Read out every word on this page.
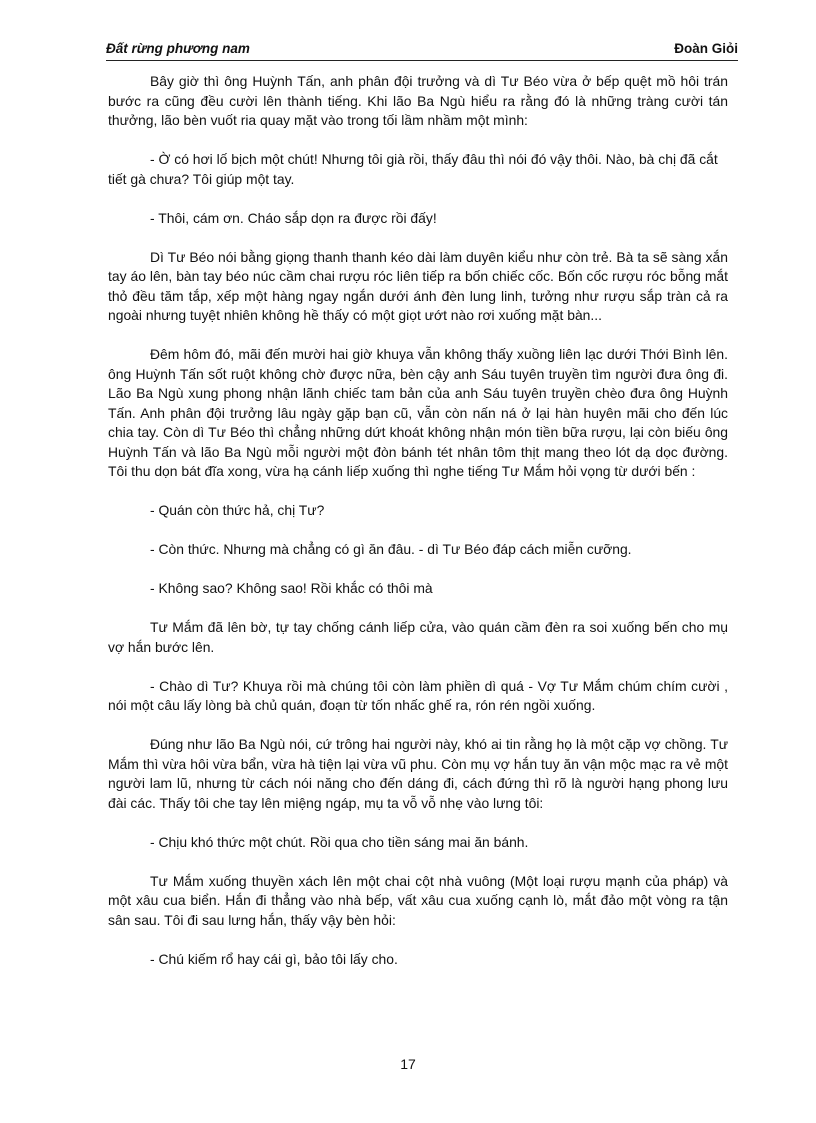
Đất rừng phương nam	Đoàn Giỏi

Bây giờ thì ông Huỳnh Tấn, anh phân đội trưởng và dì Tư Béo vừa ở bếp quệt mồ hôi trán bước ra cũng đều cười lên thành tiếng. Khi lão Ba Ngù hiểu ra rằng đó là những tràng cười tán thưởng, lão bèn vuốt ria quay mặt vào trong tối lầm nhầm một mình:

- Ờ có hơi lố bịch một chút! Nhưng tôi già rồi, thấy đâu thì nói đó vậy thôi. Nào, bà chị đã cắt tiết gà chưa? Tôi giúp một tay.

- Thôi, cám ơn. Cháo sắp dọn ra được rồi đấy!

Dì Tư Béo nói bằng giọng thanh thanh kéo dài làm duyên kiểu như còn trẻ. Bà ta sẽ sàng xắn tay áo lên, bàn tay béo núc cầm chai rượu róc liên tiếp ra bốn chiếc cốc. Bốn cốc rượu róc bỗng mắt thỏ đều tăm tắp, xếp một hàng ngay ngắn dưới ánh đèn lung linh, tưởng như rượu sắp tràn cả ra ngoài nhưng tuyệt nhiên không hề thấy có một giọt ướt nào rơi xuống mặt bàn...

Đêm hôm đó, mãi đến mười hai giờ khuya vẫn không thấy xuồng liên lạc dưới Thới Bình lên. ông Huỳnh Tấn sốt ruột không chờ được nữa, bèn cậy anh Sáu tuyên truyền tìm người đưa ông đi. Lão Ba Ngù xung phong nhận lãnh chiếc tam bản của anh Sáu tuyên truyền chèo đưa ông Huỳnh Tấn. Anh phân đội trưởng lâu ngày gặp bạn cũ, vẫn còn nấn ná ở lại hàn huyên mãi cho đến lúc chia tay. Còn dì Tư Béo thì chẳng những dứt khoát không nhận món tiền bữa rượu, lại còn biếu ông Huỳnh Tấn và lão Ba Ngù mỗi người một đòn bánh tét nhân tôm thịt mang theo lót dạ dọc đường. Tôi thu dọn bát đĩa xong, vừa hạ cánh liếp xuống thì nghe tiếng Tư Mắm hỏi vọng từ dưới bến :

- Quán còn thức hả, chị Tư?

- Còn thức. Nhưng mà chẳng có gì ăn đâu. - dì Tư Béo đáp cách miễn cưỡng.

- Không sao? Không sao! Rồi khắc có thôi mà

Tư Mắm đã lên bờ, tự tay chống cánh liếp cửa, vào quán cầm đèn ra soi xuống bến cho mụ vợ hắn bước lên.

- Chào dì Tư? Khuya rồi mà chúng tôi còn làm phiền dì quá - Vợ Tư Mắm chúm chím cười , nói một câu lấy lòng bà chủ quán, đoạn từ tốn nhấc ghế ra, rón rén ngồi xuống.

Đúng như lão Ba Ngù nói, cứ trông hai người này, khó ai tin rằng họ là một cặp vợ chồng. Tư Mắm thì vừa hôi vừa bẩn, vừa hà tiện lại vừa vũ phu. Còn mụ vợ hắn tuy ăn vận mộc mạc ra vẻ một người lam lũ, nhưng từ cách nói năng cho đến dáng đi, cách đứng thì rõ là người hạng phong lưu đài các. Thấy tôi che tay lên miệng ngáp, mụ ta vỗ vỗ nhẹ vào lưng tôi:

- Chịu khó thức một chút. Rồi qua cho tiền sáng mai ăn bánh.

Tư Mắm xuống thuyền xách lên một chai cột nhà vuông (Một loại rượu mạnh của pháp) và một xâu cua biển. Hắn đi thẳng vào nhà bếp, vất xâu cua xuống cạnh lò, mắt đảo một vòng ra tận sân sau. Tôi đi sau lưng hắn, thấy vậy bèn hỏi:

- Chú kiếm rổ hay cái gì, bảo tôi lấy cho.

17
